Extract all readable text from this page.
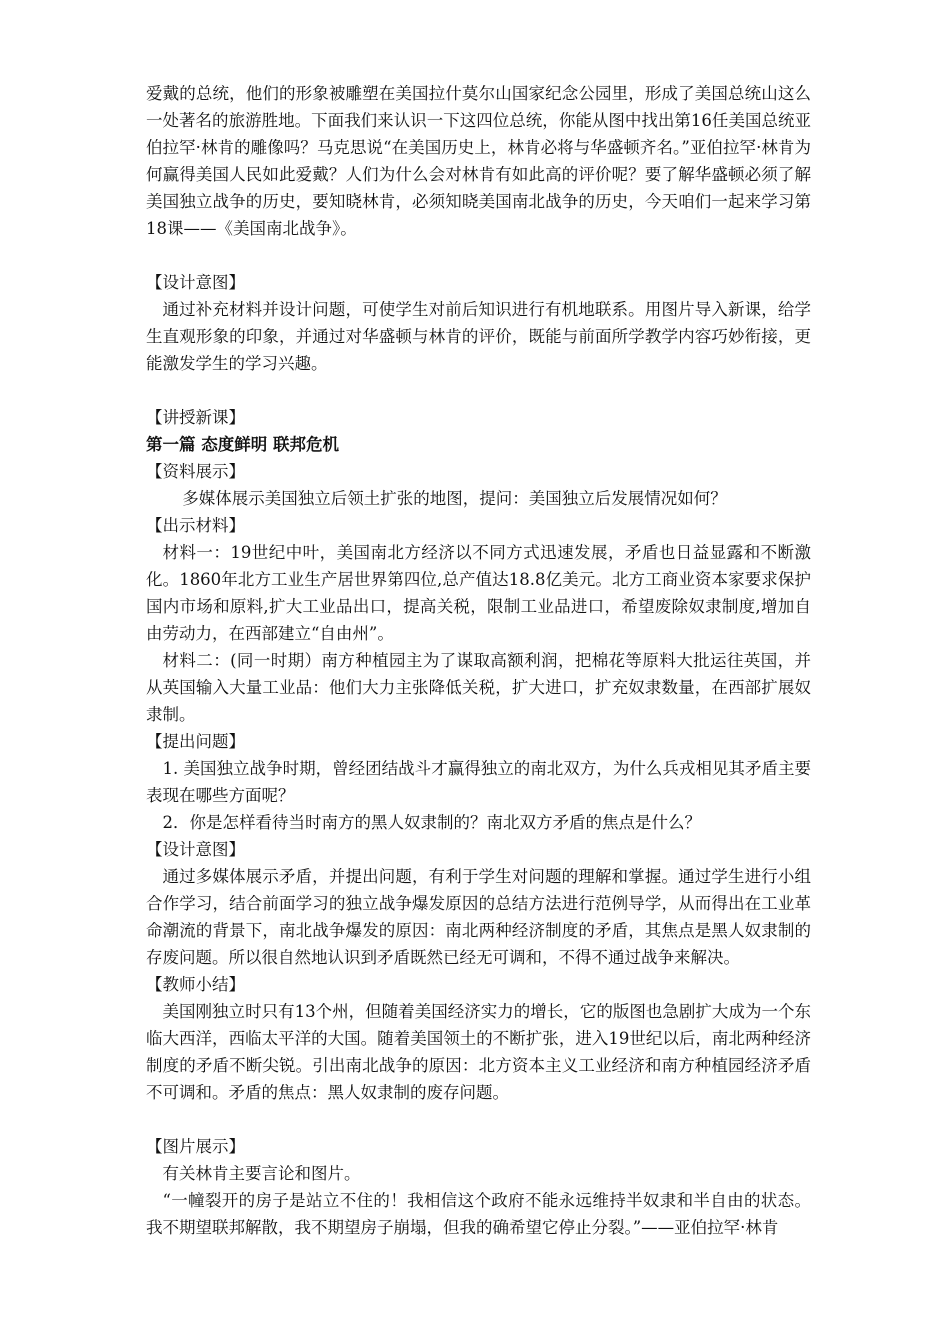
爱戴的总统，他们的形象被雕塑在美国拉什莫尔山国家纪念公园里，形成了美国总统山这么一处著名的旅游胜地。下面我们来认识一下这四位总统，你能从图中找出第16任美国总统亚伯拉罕·林肯的雕像吗？马克思说“在美国历史上，林肯必将与华盛顿齐名。”亚伯拉罕·林肯为何赢得美国人民如此爱戴？人们为什么会对林肯有如此高的评价呢？要了解华盛顿必须了解美国独立战争的历史，要知晓林肯，必须知晓美国南北战争的历史，今天咱们一起来学习第18课——《美国南北战争》。

【设计意图】

通过补充材料并设计问题，可使学生对前后知识进行有机地联系。用图片导入新课，给学生直观形象的印象，并通过对华盛顿与林肯的评价，既能与前面所学教学内容巧妙衔接，更能激发学生的学习兴趣。

【讲授新课】

第一篇 态度鲜明 联邦危机

【资料展示】

多媒体展示美国独立后领土扩张的地图，提问：美国独立后发展情况如何？

【出示材料】

材料一：19世纪中叶，美国南北方经济以不同方式迅速发展，矛盾也日益显露和不断激化。1860年北方工业生产居世界第四位,总产值达18.8亿美元。北方工商业资本家要求保护国内市场和原料,扩大工业品出口，提高关税，限制工业品进口，希望废除奴隶制度,增加自由劳动力，在西部建立“自由州”。

材料二：(同一时期）南方种植园主为了谋取高额利润，把棉花等原料大批运往英国，并从英国输入大量工业品：他们大力主张降低关税，扩大进口，扩充奴隶数量，在西部扩展奴隶制。

【提出问题】

1. 美国独立战争时期，曾经团结战斗才赢得独立的南北双方，为什么兵戎相见其矛盾主要表现在哪些方面呢？

2．你是怎样看待当时南方的黑人奴隶制的？南北双方矛盾的焦点是什么？

【设计意图】

通过多媒体展示矛盾，并提出问题，有利于学生对问题的理解和掌握。通过学生进行小组合作学习，结合前面学习的独立战争爆发原因的总结方法进行范例导学，从而得出在工业革命潮流的背景下，南北战争爆发的原因：南北两种经济制度的矛盾，其焦点是黑人奴隶制的存废问题。所以很自然地认识到矛盾既然已经无可调和，不得不通过战争来解决。

【教师小结】

美国刚独立时只有13个州，但随着美国经济实力的增长，它的版图也急剧扩大成为一个东临大西洋，西临太平洋的大国。随着美国领土的不断扩张，进入19世纪以后，南北两种经济制度的矛盾不断尖锐。引出南北战争的原因：北方资本主义工业经济和南方种植园经济矛盾不可调和。矛盾的焦点：黑人奴隶制的废存问题。

【图片展示】

有关林肯主要言论和图片。

“一幢裂开的房子是站立不住的！我相信这个政府不能永远维持半奴隶和半自由的状态。我不期望联邦解散，我不期望房子崩塌，但我的确希望它停止分裂。”——亚伯拉罕·林肯
